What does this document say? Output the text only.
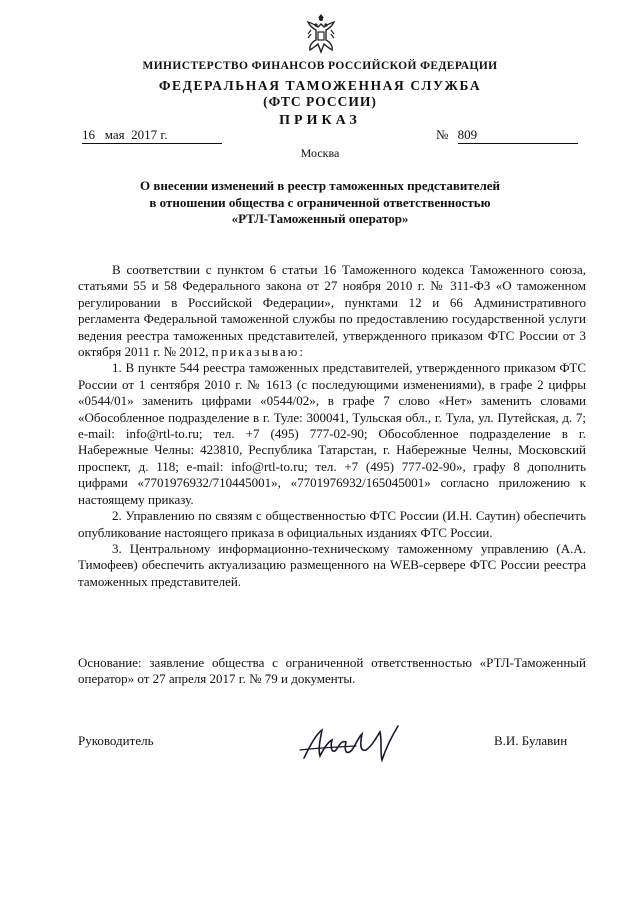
МИНИСТЕРСТВО ФИНАНСОВ РОССИЙСКОЙ ФЕДЕРАЦИИ
ФЕДЕРАЛЬНАЯ ТАМОЖЕННАЯ СЛУЖБА
(ФТС РОССИИ)
ПРИКАЗ
16 мая 2017 г.	№ 809
Москва
О внесении изменений в реестр таможенных представителей
в отношении общества с ограниченной ответственностью
«РТЛ-Таможенный оператор»

В соответствии с пунктом 6 статьи 16 Таможенного кодекса Таможенного союза, статьями 55 и 58 Федерального закона от 27 ноября 2010 г. № 311-ФЗ «О таможенном регулировании в Российской Федерации», пунктами 12 и 66 Административного регламента Федеральной таможенной службы по предоставлению государственной услуги ведения реестра таможенных представителей, утвержденного приказом ФТС России от 3 октября 2011 г. № 2012, приказываю:

1. В пункте 544 реестра таможенных представителей, утвержденного приказом ФТС России от 1 сентября 2010 г. № 1613 (с последующими изменениями), в графе 2 цифры «0544/01» заменить цифрами «0544/02», в графе 7 слово «Нет» заменить словами «Обособленное подразделение в г. Туле: 300041, Тульская обл., г. Тула, ул. Путейская, д. 7; e-mail: info@rtl-to.ru; тел. +7 (495) 777-02-90; Обособленное подразделение в г. Набережные Челны: 423810, Республика Татарстан, г. Набережные Челны, Московский проспект, д. 118; e-mail: info@rtl-to.ru; тел. +7 (495) 777-02-90», графу 8 дополнить цифрами «7701976932/710445001», «7701976932/165045001» согласно приложению к настоящему приказу.

2. Управлению по связям с общественностью ФТС России (И.Н. Саутин) обеспечить опубликование настоящего приказа в официальных изданиях ФТС России.

3. Центральному информационно-техническому таможенному управлению (А.А. Тимофеев) обеспечить актуализацию размещенного на WEB-сервере ФТС России реестра таможенных представителей.

Основание: заявление общества с ограниченной ответственностью «РТЛ-Таможенный оператор» от 27 апреля 2017 г. № 79 и документы.
Руководитель	В.И. Булавин
